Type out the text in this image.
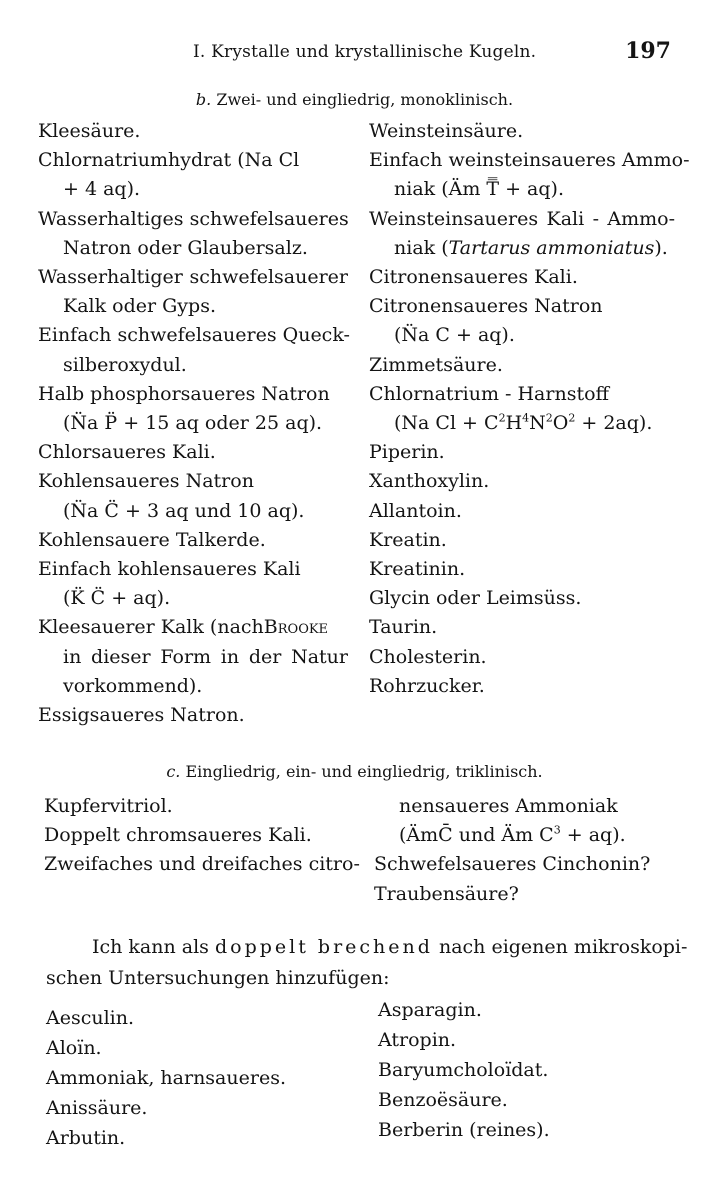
I. Krystalle und krystallinische Kugeln.	197
b. Zwei- und eingliedrig, monoklinisch.

Kleesäure.

Chlornatriumhydrat (Na Cl

+ 4 aq).

Wasserhaltiges schwefelsaueres

Natron oder Glaubersalz.

Wasserhaltiger schwefelsauerer

Kalk oder Gyps.

Einfach schwefelsaueres Queck-

silberoxydul.

Halb phosphorsaueres Natron

(N̈a P̈ + 15 aq oder 25 aq).

Chlorsaueres Kali.

Kohlensaueres Natron

(N̈a C̈ + 3 aq und 10 aq).

Kohlensauere Talkerde.

Einfach kohlensaueres Kali

(K̈ C̈ + aq).

Kleesauerer Kalk (nachBrooke

in dieser Form in der Natur

vorkommend).

Essigsaueres Natron.

Weinsteinsäure.

Einfach weinsteinsaueres Ammo-

niak (Äm T̿ + aq).

Weinsteinsaueres Kali - Ammo-

niak (Tartarus ammoniatus).

Citronensaueres Kali.

Citronensaueres Natron

(N̈a C + aq).

Zimmetsäure.

Chlornatrium - Harnstoff

(Na $Cl + C^2H^4N^2O^2 + 2aq$).

Piperin.

Xanthoxylin.

Allantoin.

Kreatin.

Kreatinin.

Glycin oder Leimsüss.

Taurin.

Cholesterin.

Rohrzucker.

c. Eingliedrig, ein- und eingliedrig, triklinisch.

Kupfervitriol.

Doppelt chromsaueres Kali.

Zweifaches und dreifaches citro-

nensaueres Ammoniak

(ÄmC̄ und Äm $C^3 + aq$).

Schwefelsaueres Cinchonin?

Traubensäure?

Ich kann als doppelt brechend nach eigenen mikroskopi-

schen Untersuchungen hinzufügen:

Aesculin.

Aloïn.

Ammoniak, harnsaueres.

Anissäure.

Arbutin.

Asparagin.

Atropin.

Baryumcholoïdat.

Benzoësäure.

Berberin (reines).
